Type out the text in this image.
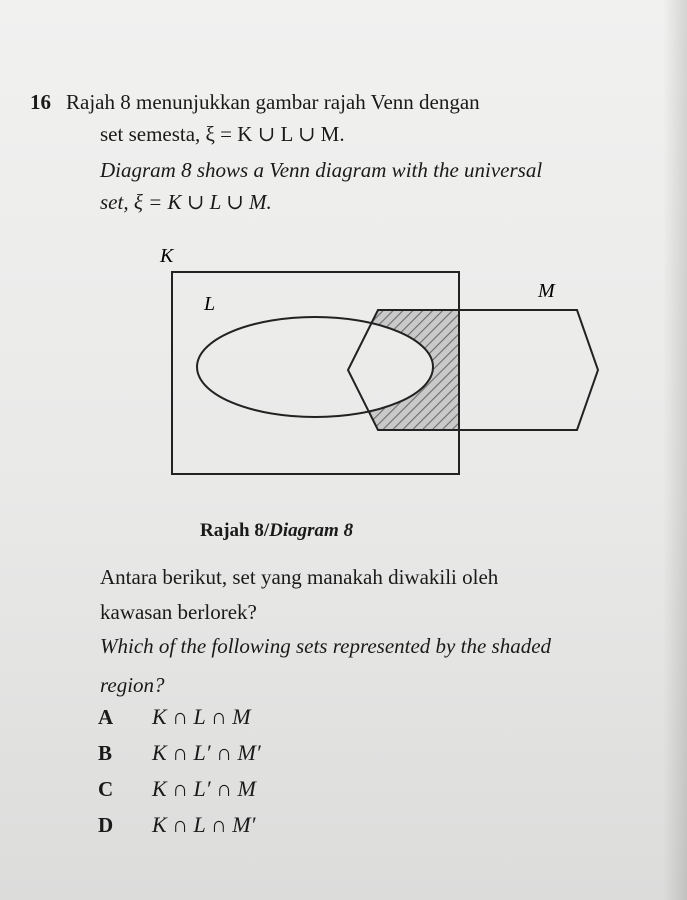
16 Rajah 8 menunjukkan gambar rajah Venn dengan
set semesta, ξ = K ∪ L ∪ M.
Diagram 8 shows a Venn diagram with the universal
set, ξ = K ∪ L ∪ M.
K
L
M
Rajah 8/Diagram 8
Antara berikut, set yang manakah diwakili oleh
kawasan berlorek?
Which of the following sets represented by the shaded
region?
A K ∩ L ∩ M
B K ∩ L′ ∩ M′
C K ∩ L′ ∩ M
D K ∩ L ∩ M′
